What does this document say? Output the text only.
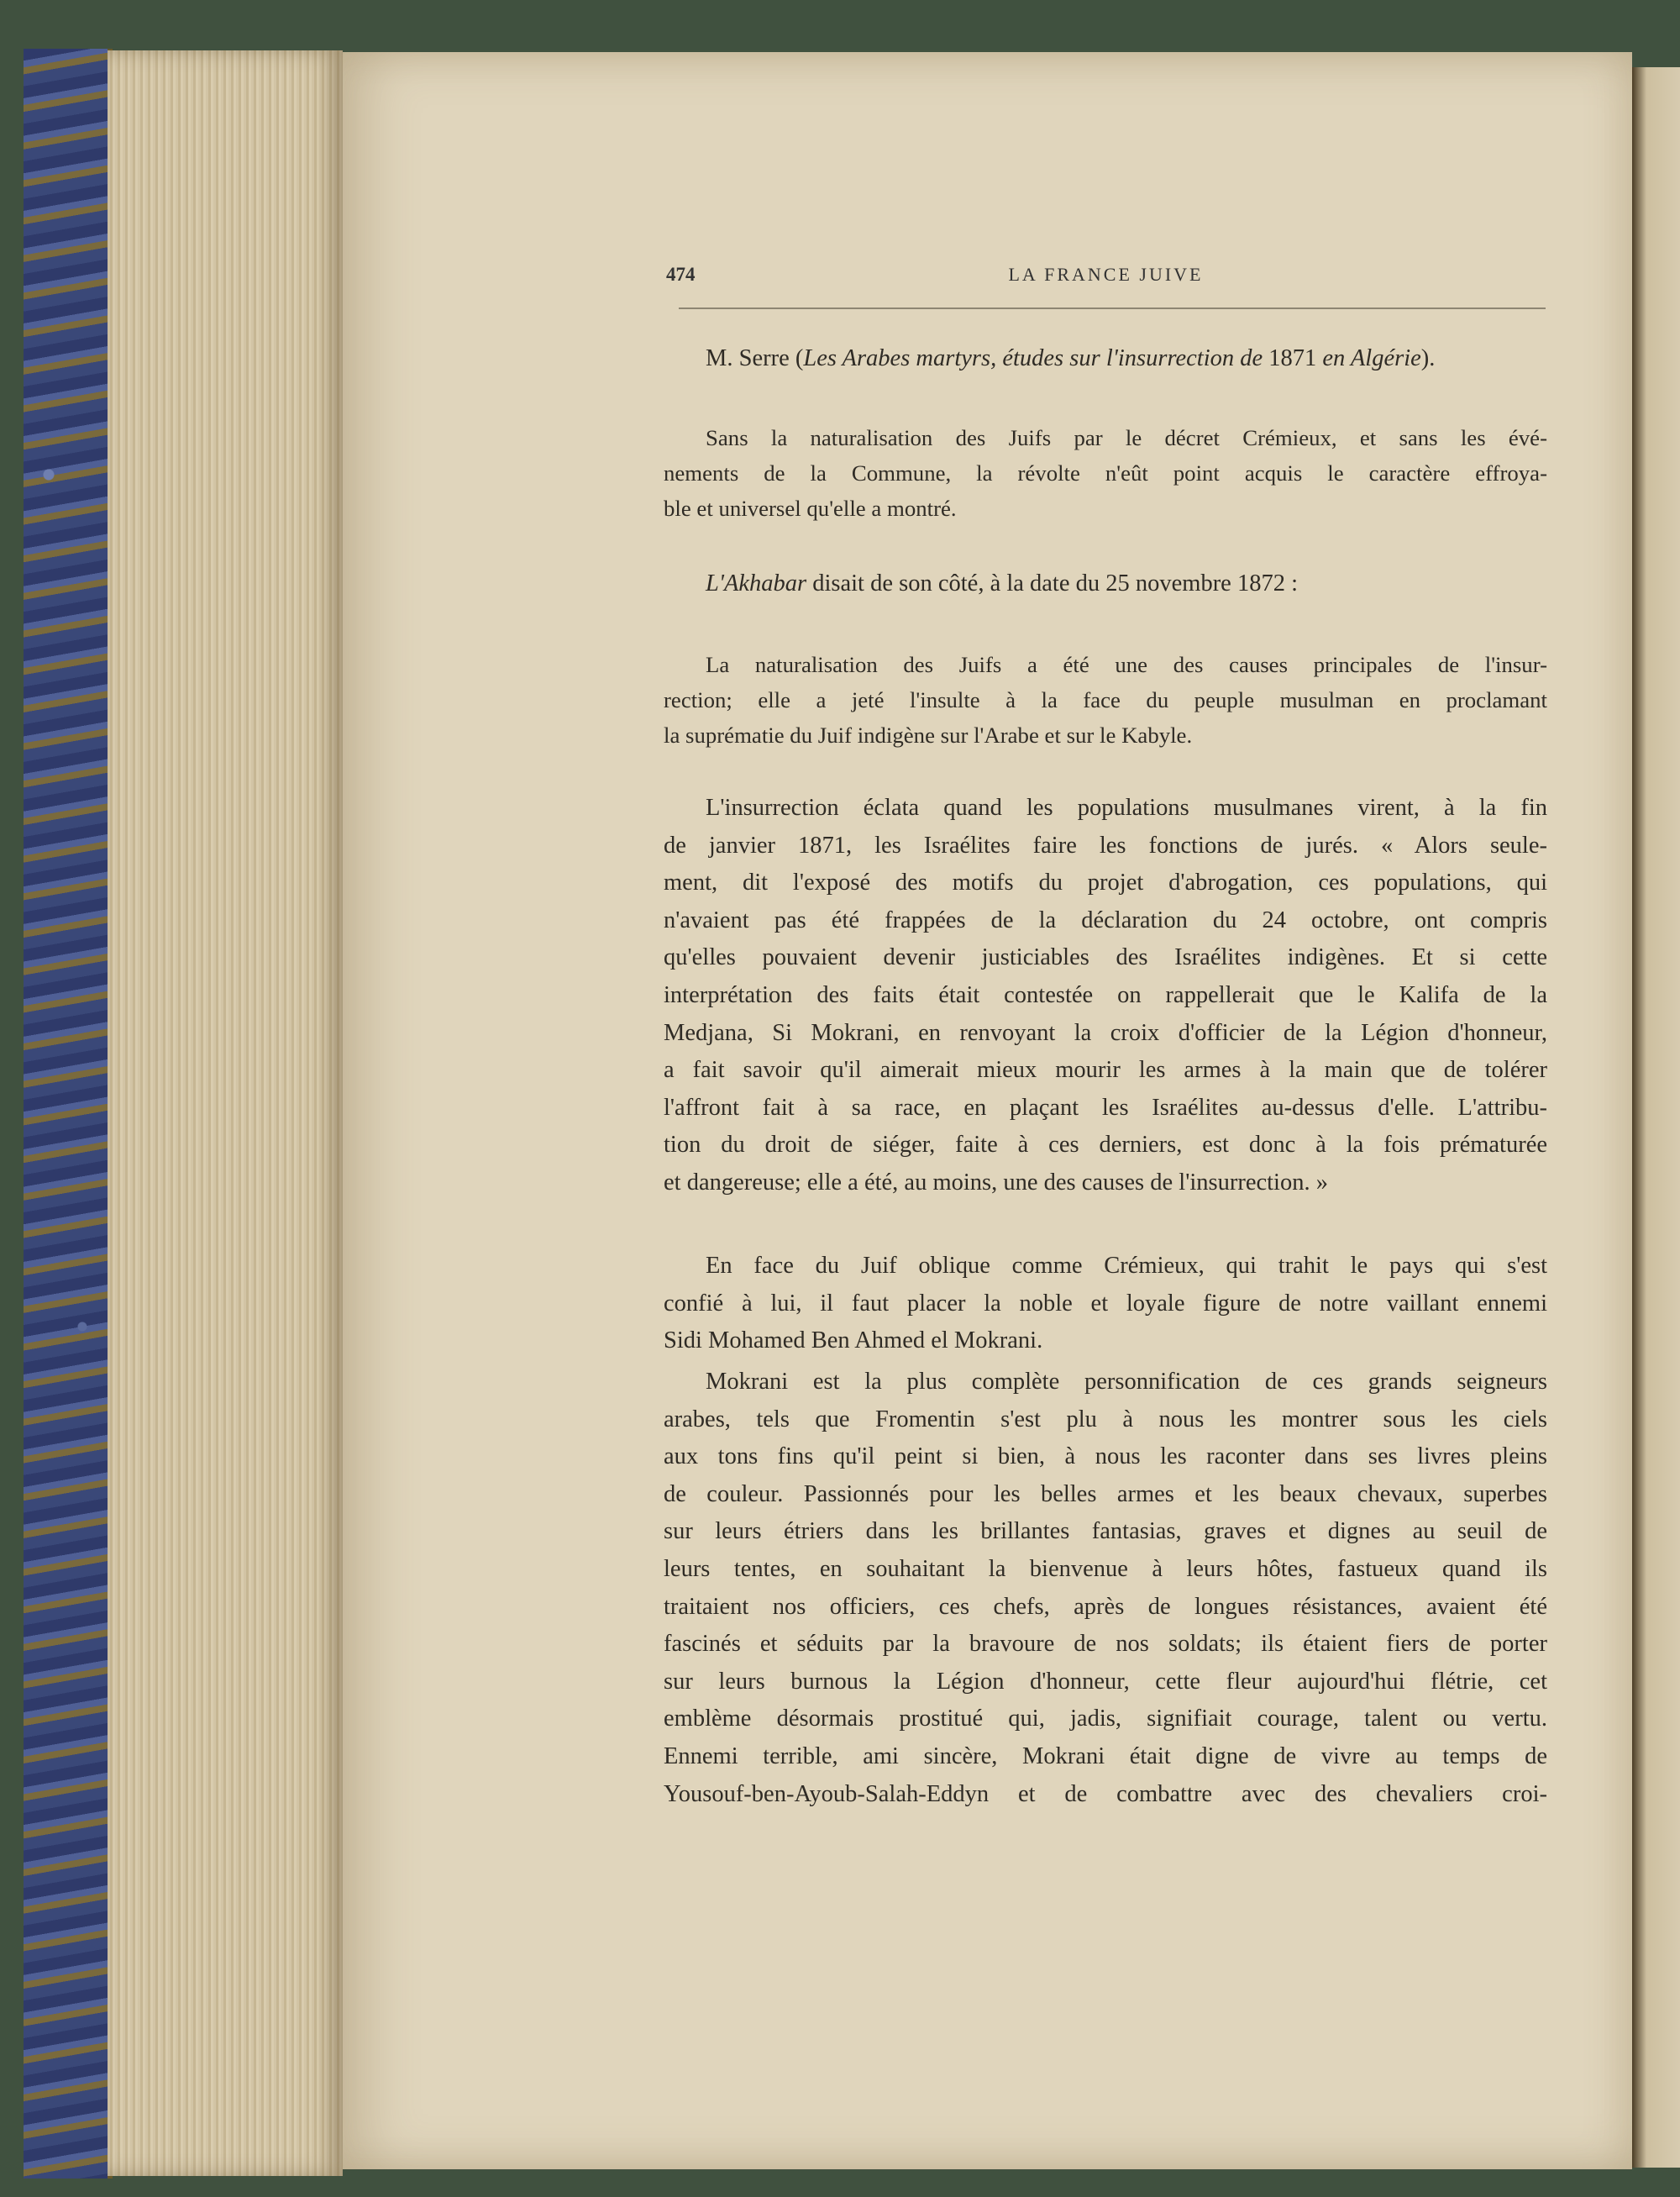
474	LA FRANCE JUIVE

M. Serre (Les Arabes martyrs, études sur l'insurrection de 1871 en Algérie).

Sans la naturalisation des Juifs par le décret Crémieux, et sans les évé-
nements de la Commune, la révolte n'eût point acquis le caractère effroya-
ble et universel qu'elle a montré.

L'Akhabar disait de son côté, à la date du 25 novembre 1872 :

La naturalisation des Juifs a été une des causes principales de l'insur-
rection; elle a jeté l'insulte à la face du peuple musulman en proclamant
la suprématie du Juif indigène sur l'Arabe et sur le Kabyle.

L'insurrection éclata quand les populations musulmanes virent, à la fin
de janvier 1871, les Israélites faire les fonctions de jurés. « Alors seule-
ment, dit l'exposé des motifs du projet d'abrogation, ces populations, qui
n'avaient pas été frappées de la déclaration du 24 octobre, ont compris
qu'elles pouvaient devenir justiciables des Israélites indigènes. Et si cette
interprétation des faits était contestée on rappellerait que le Kalifa de la
Medjana, Si Mokrani, en renvoyant la croix d'officier de la Légion d'honneur,
a fait savoir qu'il aimerait mieux mourir les armes à la main que de tolérer
l'affront fait à sa race, en plaçant les Israélites au-dessus d'elle. L'attribu-
tion du droit de siéger, faite à ces derniers, est donc à la fois prématurée
et dangereuse; elle a été, au moins, une des causes de l'insurrection. »

En face du Juif oblique comme Crémieux, qui trahit le pays qui s'est
confié à lui, il faut placer la noble et loyale figure de notre vaillant ennemi
Sidi Mohamed Ben Ahmed el Mokrani.

Mokrani est la plus complète personnification de ces grands seigneurs
arabes, tels que Fromentin s'est plu à nous les montrer sous les ciels
aux tons fins qu'il peint si bien, à nous les raconter dans ses livres pleins
de couleur. Passionnés pour les belles armes et les beaux chevaux, superbes
sur leurs étriers dans les brillantes fantasias, graves et dignes au seuil de
leurs tentes, en souhaitant la bienvenue à leurs hôtes, fastueux quand ils
traitaient nos officiers, ces chefs, après de longues résistances, avaient été
fascinés et séduits par la bravoure de nos soldats; ils étaient fiers de porter
sur leurs burnous la Légion d'honneur, cette fleur aujourd'hui flétrie, cet
emblème désormais prostitué qui, jadis, signifiait courage, talent ou vertu.
Ennemi terrible, ami sincère, Mokrani était digne de vivre au temps de
Yousouf-ben-Ayoub-Salah-Eddyn et de combattre avec des chevaliers croi-
